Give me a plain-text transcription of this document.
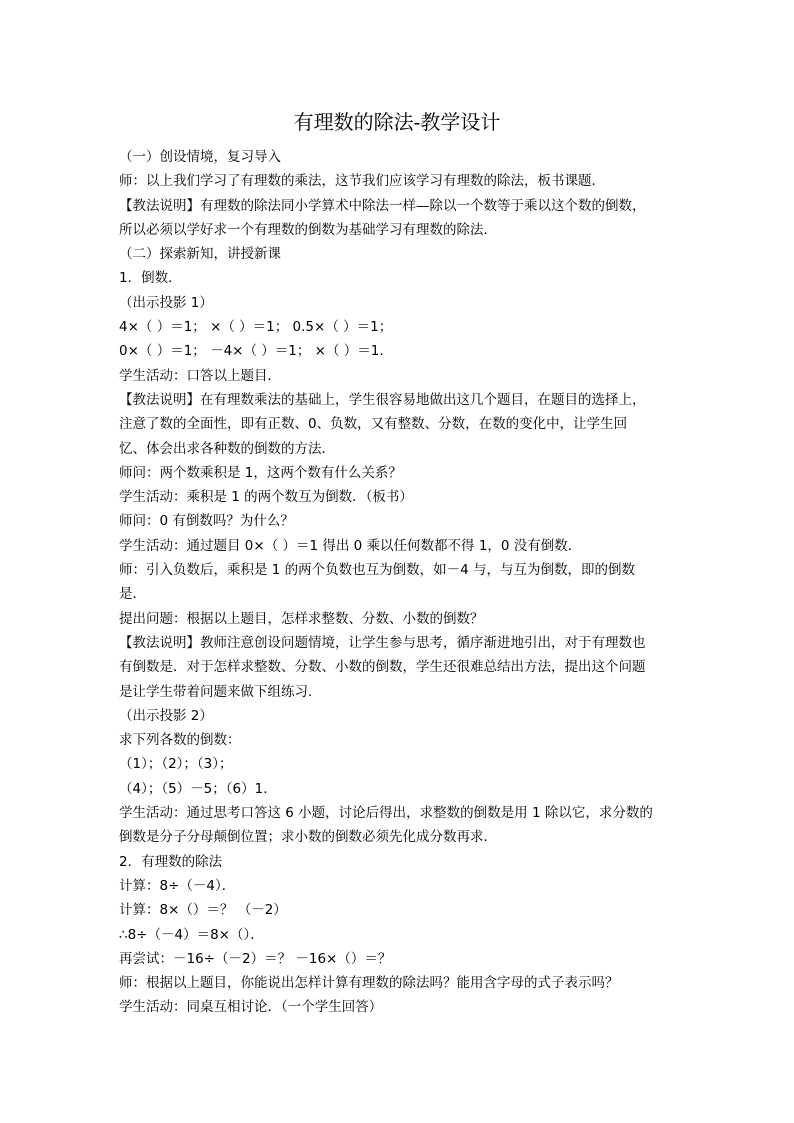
有理数的除法-教学设计
（一）创设情境，复习导入
师：以上我们学习了有理数的乘法，这节我们应该学习有理数的除法，板书课题．
【教法说明】有理数的除法同小学算术中除法一样—除以一个数等于乘以这个数的倒数，
所以必须以学好求一个有理数的倒数为基础学习有理数的除法．
（二）探索新知，讲授新课
1．倒数．
（出示投影 1）
4×（ ）＝1； ×（ ）＝1； 0.5×（ ）＝1；
0×（ ）＝1； －4×（ ）＝1； ×（ ）＝1．
学生活动：口答以上题目．
【教法说明】在有理数乘法的基础上，学生很容易地做出这几个题目，在题目的选择上，
注意了数的全面性，即有正数、0、负数，又有整数、分数，在数的变化中，让学生回
忆、体会出求各种数的倒数的方法．
师问：两个数乘积是 1，这两个数有什么关系？
学生活动：乘积是 1 的两个数互为倒数．（板书）
师问：0 有倒数吗？为什么？
学生活动：通过题目 0×（ ）＝1 得出 0 乘以任何数都不得 1，0 没有倒数．
师：引入负数后，乘积是 1 的两个负数也互为倒数，如－4 与，与互为倒数，即的倒数
是．
提出问题：根据以上题目，怎样求整数、分数、小数的倒数？
【教法说明】教师注意创设问题情境，让学生参与思考，循序渐进地引出，对于有理数也
有倒数是．对于怎样求整数、分数、小数的倒数，学生还很难总结出方法，提出这个问题
是让学生带着问题来做下组练习．
（出示投影 2）
求下列各数的倒数：
（1）；（2）；（3）；
（4）；（5）－5；（6）1．
学生活动：通过思考口答这 6 小题，讨论后得出，求整数的倒数是用 1 除以它，求分数的
倒数是分子分母颠倒位置；求小数的倒数必须先化成分数再求．
2．有理数的除法
计算：8÷（－4）．
计算：8×（）＝？ （－2）
∴8÷（－4）＝8×（）．
再尝试：－16÷（－2）＝？ －16×（）＝？
师：根据以上题目，你能说出怎样计算有理数的除法吗？能用含字母的式子表示吗？
学生活动：同桌互相讨论．（一个学生回答）
